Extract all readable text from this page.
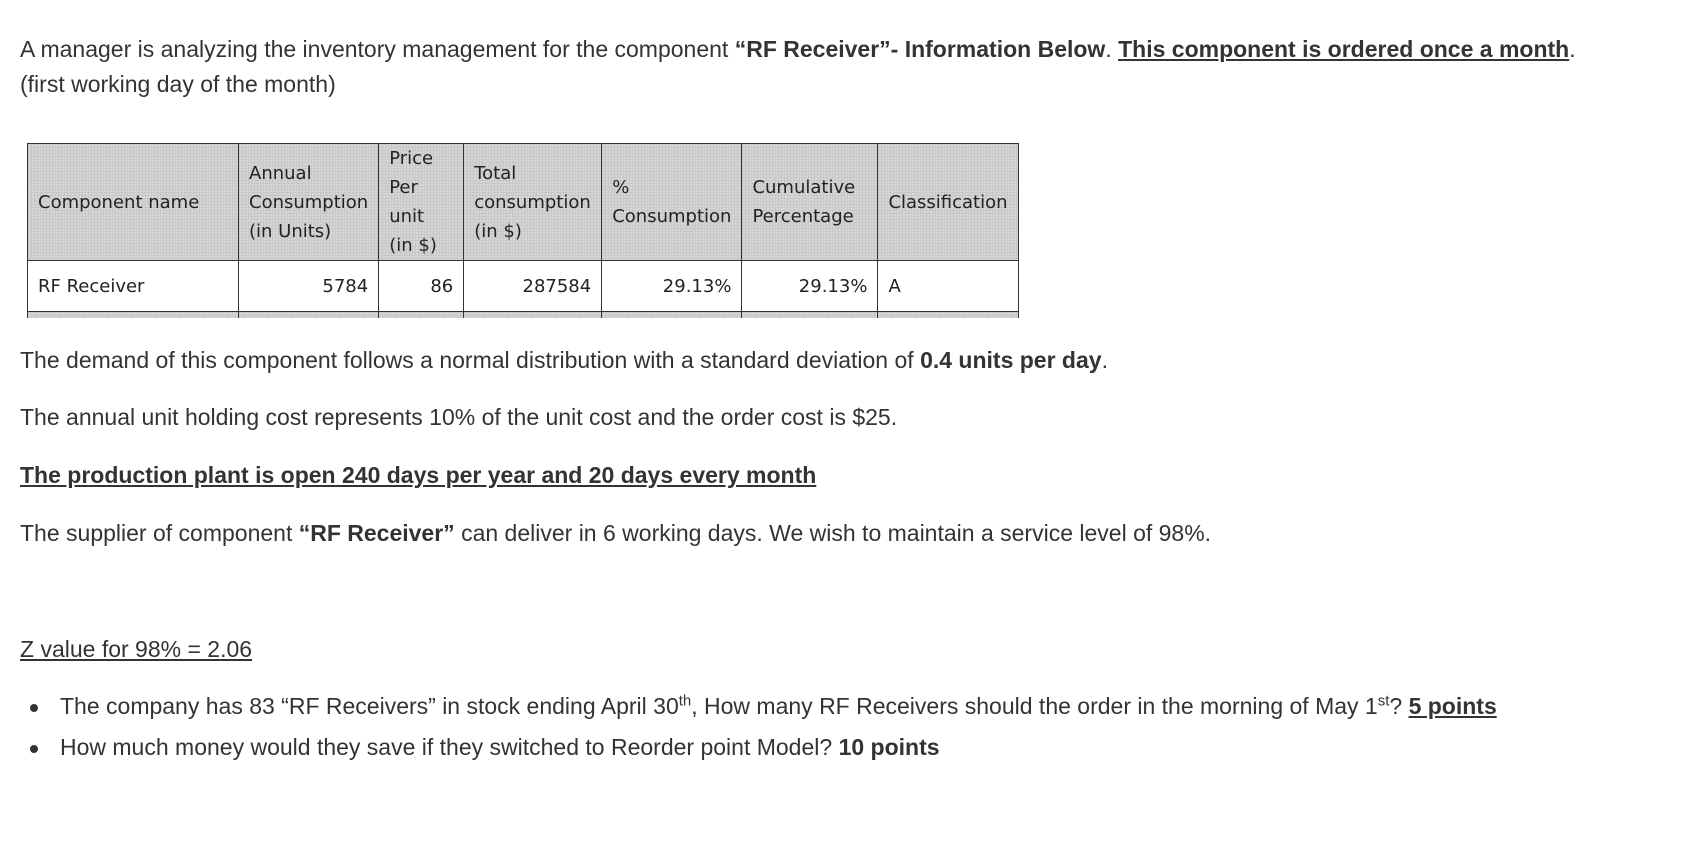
A manager is analyzing the inventory management for the component “RF Receiver”- Information Below. This component is ordered once a month.
(first working day of the month)
Component name	Annual Consumption (in Units)	Price Per unit (in $)	Total consumption (in $)	% Consumption	Cumulative Percentage	Classification
RF Receiver	5784	86	287584	29.13%	29.13%	A

The demand of this component follows a normal distribution with a standard deviation of 0.4 units per day.
The annual unit holding cost represents 10% of the unit cost and the order cost is $25.
The production plant is open 240 days per year and 20 days every month
The supplier of component “RF Receiver” can deliver in 6 working days. We wish to maintain a service level of 98%.
Z value for 98% = 2.06
The company has 83 “RF Receivers” in stock ending April 30th, How many RF Receivers should the order in the morning of May 1st? 5 points
How much money would they save if they switched to Reorder point Model? 10 points
